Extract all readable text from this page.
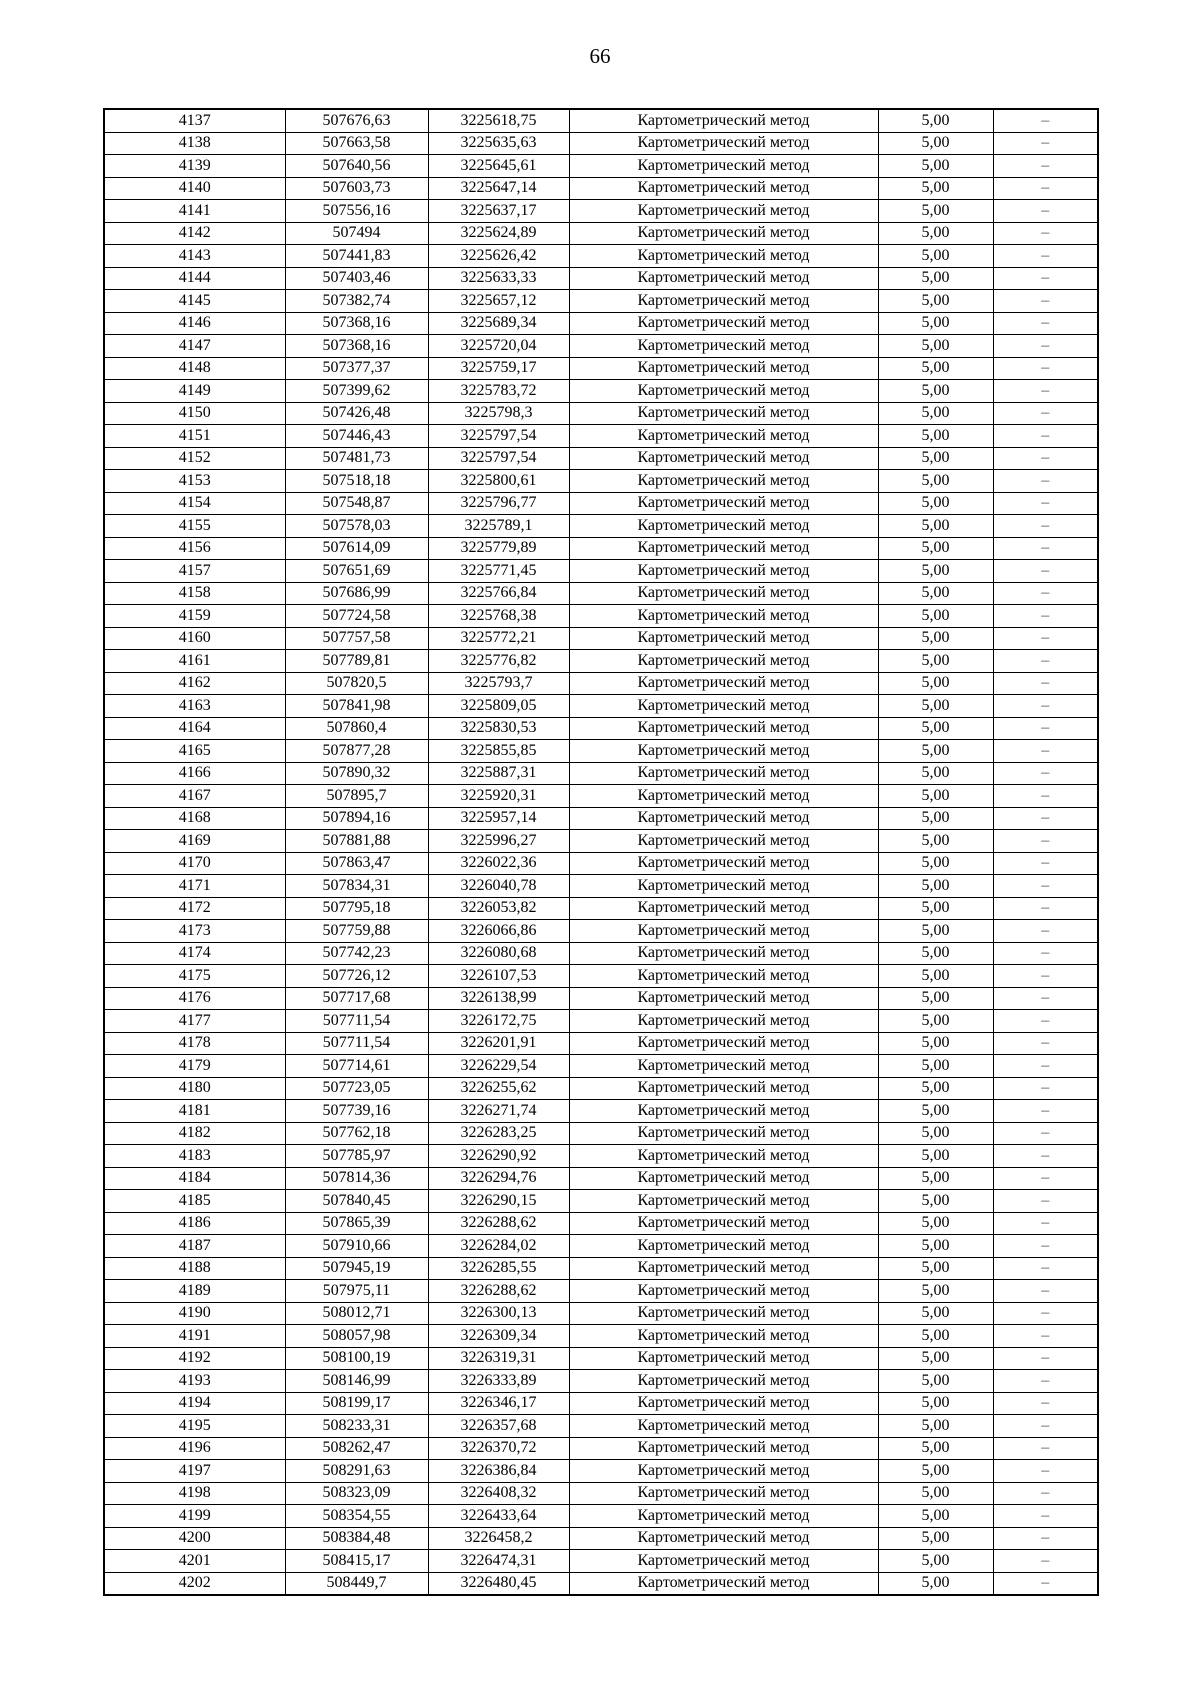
66
4137	507676,63	3225618,75	Картометрический метод	5,00	–
4138	507663,58	3225635,63	Картометрический метод	5,00	–
4139	507640,56	3225645,61	Картометрический метод	5,00	–
4140	507603,73	3225647,14	Картометрический метод	5,00	–
4141	507556,16	3225637,17	Картометрический метод	5,00	–
4142	507494	3225624,89	Картометрический метод	5,00	–
4143	507441,83	3225626,42	Картометрический метод	5,00	–
4144	507403,46	3225633,33	Картометрический метод	5,00	–
4145	507382,74	3225657,12	Картометрический метод	5,00	–
4146	507368,16	3225689,34	Картометрический метод	5,00	–
4147	507368,16	3225720,04	Картометрический метод	5,00	–
4148	507377,37	3225759,17	Картометрический метод	5,00	–
4149	507399,62	3225783,72	Картометрический метод	5,00	–
4150	507426,48	3225798,3	Картометрический метод	5,00	–
4151	507446,43	3225797,54	Картометрический метод	5,00	–
4152	507481,73	3225797,54	Картометрический метод	5,00	–
4153	507518,18	3225800,61	Картометрический метод	5,00	–
4154	507548,87	3225796,77	Картометрический метод	5,00	–
4155	507578,03	3225789,1	Картометрический метод	5,00	–
4156	507614,09	3225779,89	Картометрический метод	5,00	–
4157	507651,69	3225771,45	Картометрический метод	5,00	–
4158	507686,99	3225766,84	Картометрический метод	5,00	–
4159	507724,58	3225768,38	Картометрический метод	5,00	–
4160	507757,58	3225772,21	Картометрический метод	5,00	–
4161	507789,81	3225776,82	Картометрический метод	5,00	–
4162	507820,5	3225793,7	Картометрический метод	5,00	–
4163	507841,98	3225809,05	Картометрический метод	5,00	–
4164	507860,4	3225830,53	Картометрический метод	5,00	–
4165	507877,28	3225855,85	Картометрический метод	5,00	–
4166	507890,32	3225887,31	Картометрический метод	5,00	–
4167	507895,7	3225920,31	Картометрический метод	5,00	–
4168	507894,16	3225957,14	Картометрический метод	5,00	–
4169	507881,88	3225996,27	Картометрический метод	5,00	–
4170	507863,47	3226022,36	Картометрический метод	5,00	–
4171	507834,31	3226040,78	Картометрический метод	5,00	–
4172	507795,18	3226053,82	Картометрический метод	5,00	–
4173	507759,88	3226066,86	Картометрический метод	5,00	–
4174	507742,23	3226080,68	Картометрический метод	5,00	–
4175	507726,12	3226107,53	Картометрический метод	5,00	–
4176	507717,68	3226138,99	Картометрический метод	5,00	–
4177	507711,54	3226172,75	Картометрический метод	5,00	–
4178	507711,54	3226201,91	Картометрический метод	5,00	–
4179	507714,61	3226229,54	Картометрический метод	5,00	–
4180	507723,05	3226255,62	Картометрический метод	5,00	–
4181	507739,16	3226271,74	Картометрический метод	5,00	–
4182	507762,18	3226283,25	Картометрический метод	5,00	–
4183	507785,97	3226290,92	Картометрический метод	5,00	–
4184	507814,36	3226294,76	Картометрический метод	5,00	–
4185	507840,45	3226290,15	Картометрический метод	5,00	–
4186	507865,39	3226288,62	Картометрический метод	5,00	–
4187	507910,66	3226284,02	Картометрический метод	5,00	–
4188	507945,19	3226285,55	Картометрический метод	5,00	–
4189	507975,11	3226288,62	Картометрический метод	5,00	–
4190	508012,71	3226300,13	Картометрический метод	5,00	–
4191	508057,98	3226309,34	Картометрический метод	5,00	–
4192	508100,19	3226319,31	Картометрический метод	5,00	–
4193	508146,99	3226333,89	Картометрический метод	5,00	–
4194	508199,17	3226346,17	Картометрический метод	5,00	–
4195	508233,31	3226357,68	Картометрический метод	5,00	–
4196	508262,47	3226370,72	Картометрический метод	5,00	–
4197	508291,63	3226386,84	Картометрический метод	5,00	–
4198	508323,09	3226408,32	Картометрический метод	5,00	–
4199	508354,55	3226433,64	Картометрический метод	5,00	–
4200	508384,48	3226458,2	Картометрический метод	5,00	–
4201	508415,17	3226474,31	Картометрический метод	5,00	–
4202	508449,7	3226480,45	Картометрический метод	5,00	–
